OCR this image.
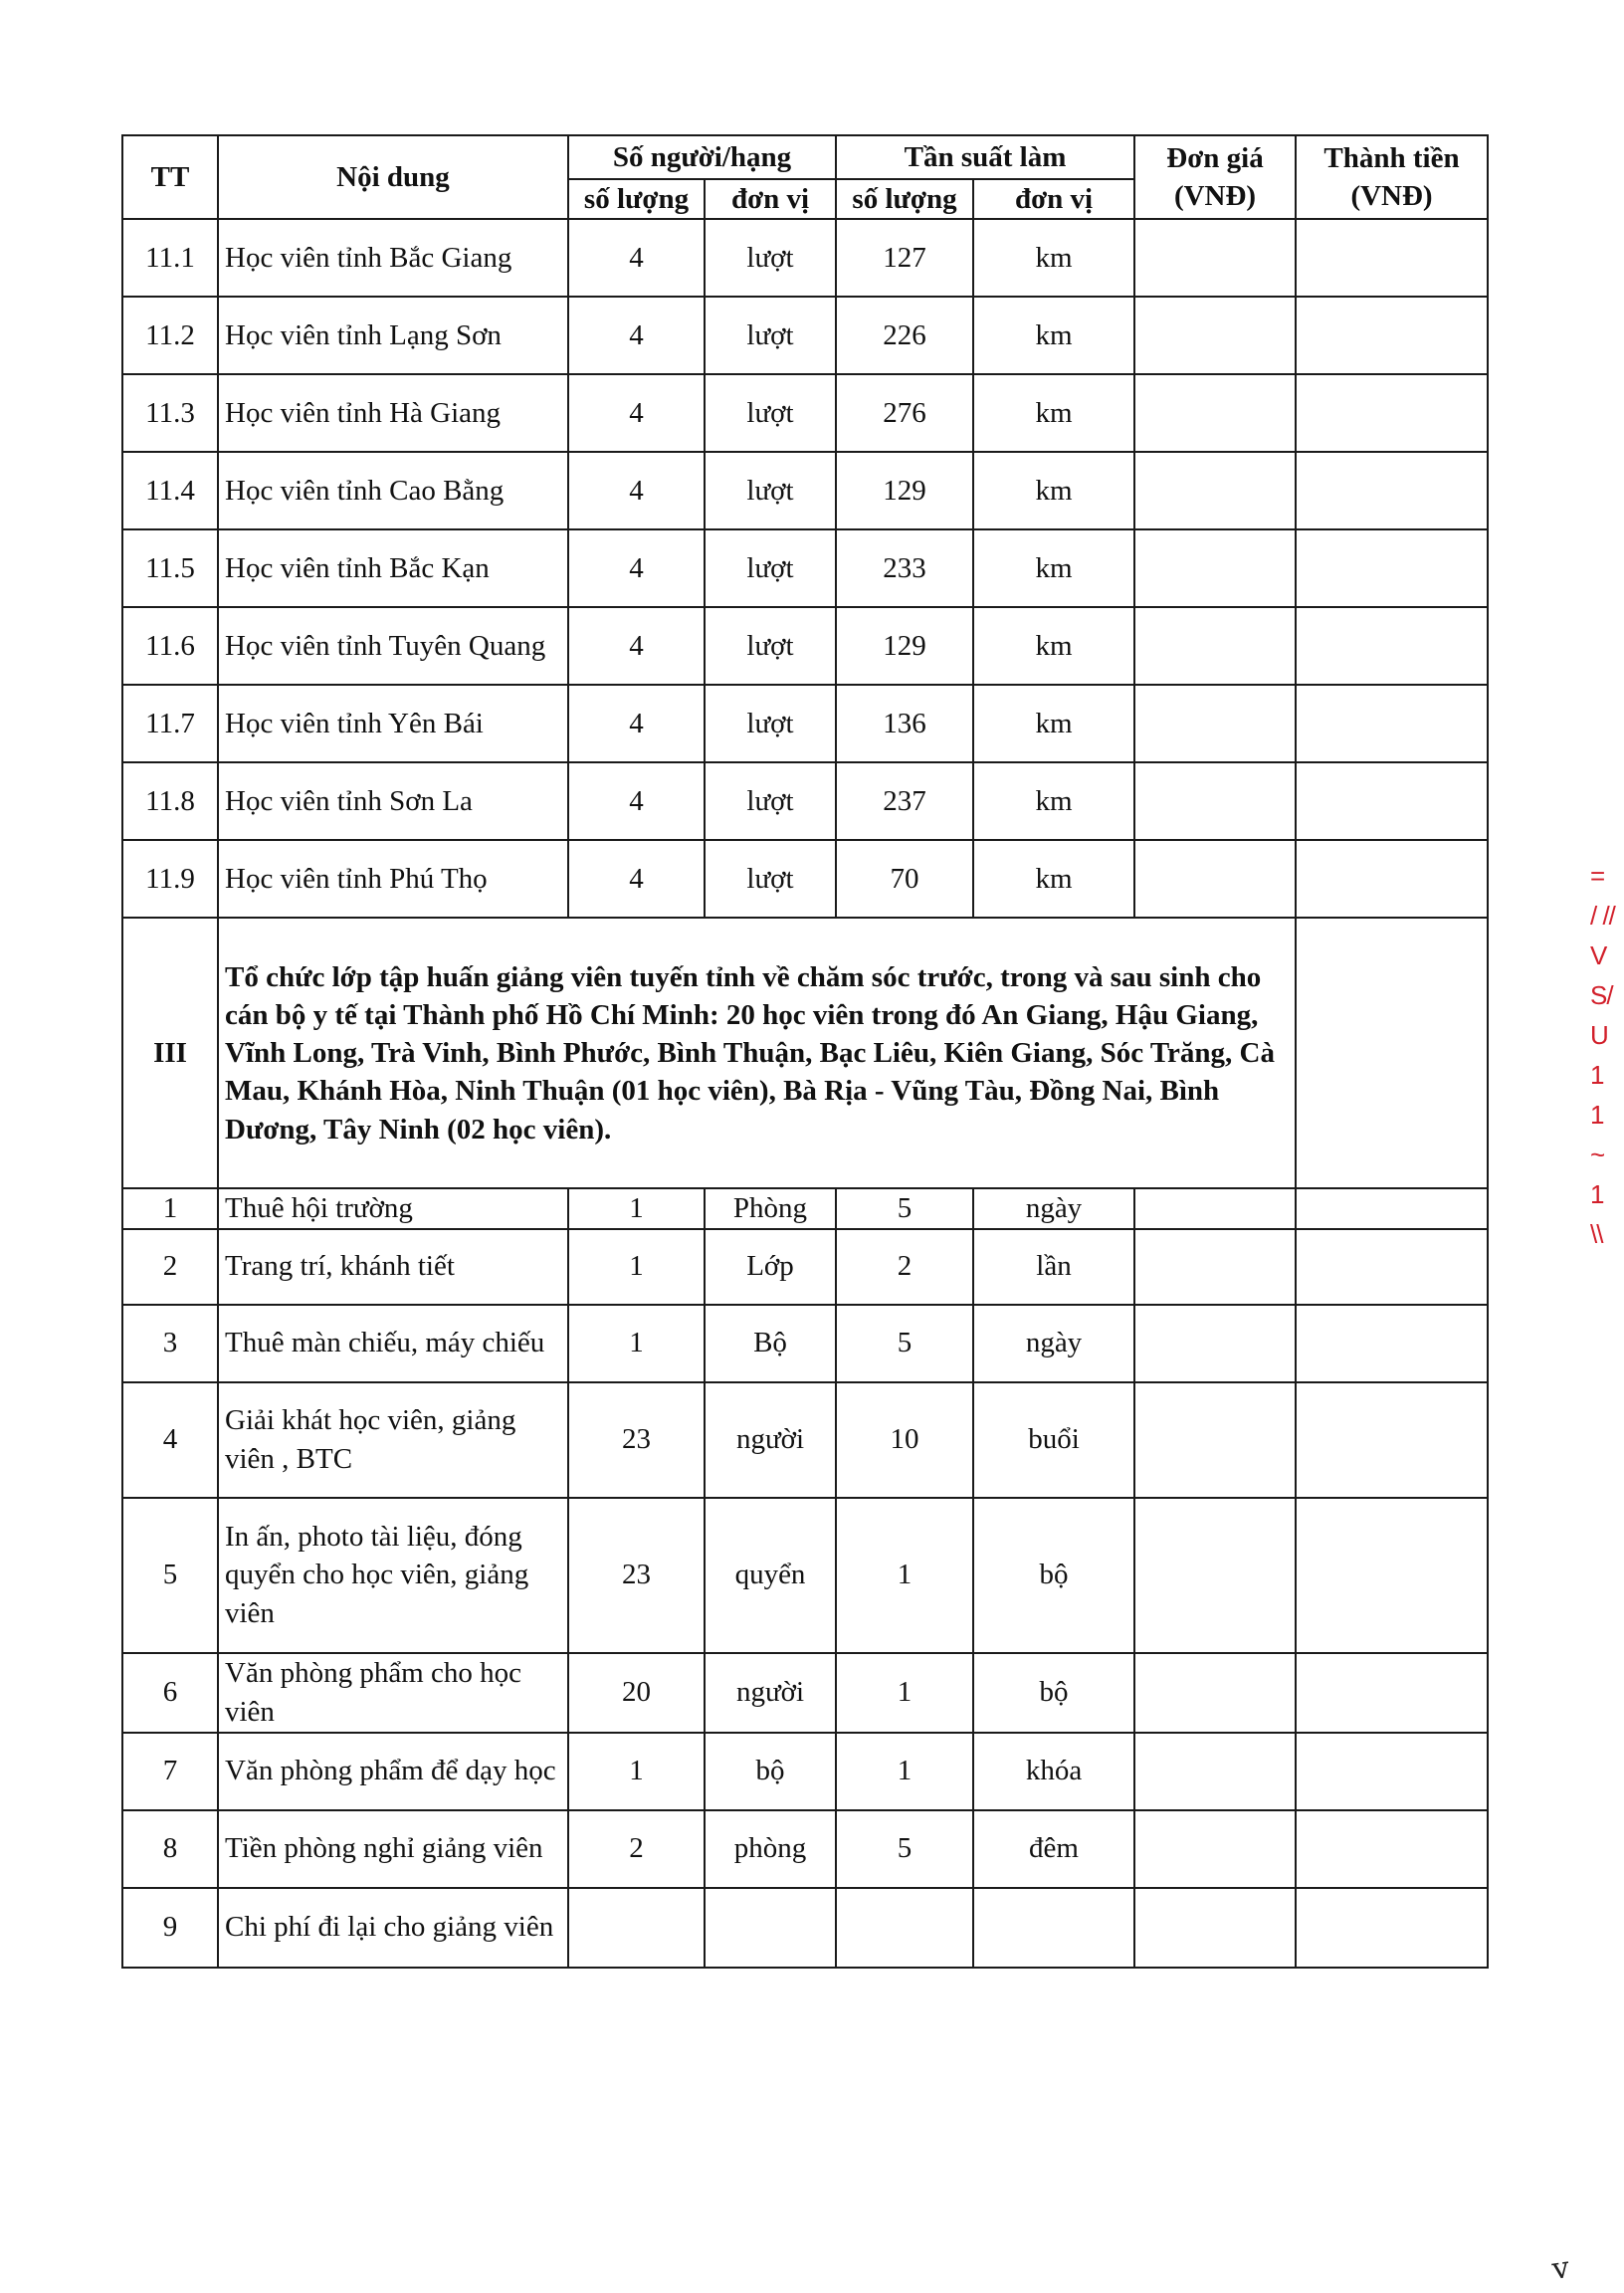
TT	Nội dung	Số người/hạng		Tần suất làm		Đơn giá (VNĐ)	Thành tiền (VNĐ)
		số lượng	đơn vị	số lượng	đơn vị		
11.1	Học viên tỉnh Bắc Giang	4	lượt	127	km		
11.2	Học viên tỉnh Lạng Sơn	4	lượt	226	km		
11.3	Học viên tỉnh Hà Giang	4	lượt	276	km		
11.4	Học viên tỉnh Cao Bằng	4	lượt	129	km		
11.5	Học viên tỉnh Bắc Kạn	4	lượt	233	km		
11.6	Học viên tỉnh Tuyên Quang	4	lượt	129	km		
11.7	Học viên tỉnh Yên Bái	4	lượt	136	km		
11.8	Học viên tỉnh Sơn La	4	lượt	237	km		
11.9	Học viên tỉnh Phú Thọ	4	lượt	70	km		
III	Tổ chức lớp tập huấn giảng viên tuyến tỉnh về chăm sóc trước, trong và sau sinh cho cán bộ y tế tại Thành phố Hồ Chí Minh: 20 học viên trong đó An Giang, Hậu Giang, Vĩnh Long, Trà Vinh, Bình Phước, Bình Thuận, Bạc Liêu, Kiên Giang, Sóc Trăng, Cà Mau, Khánh Hòa, Ninh Thuận (01 học viên), Bà Rịa - Vũng Tàu, Đồng Nai, Bình Dương, Tây Ninh (02 học viên).						
1	Thuê hội trường	1	Phòng	5	ngày		
2	Trang trí, khánh tiết	1	Lớp	2	lần		
3	Thuê màn chiếu, máy chiếu	1	Bộ	5	ngày		
4	Giải khát học viên, giảng viên , BTC	23	người	10	buổi		
5	In ấn, photo tài liệu, đóng quyển cho học viên, giảng viên	23	quyển	1	bộ		
6	Văn phòng phẩm cho học viên	20	người	1	bộ		
7	Văn phòng phẩm để dạy học	1	bộ	1	khóa		
8	Tiền phòng nghỉ giảng viên	2	phòng	5	đêm		
9	Chi phí đi lại cho giảng viên						
= / //
V
S/
U
1 1 ~ 1
\\
v
